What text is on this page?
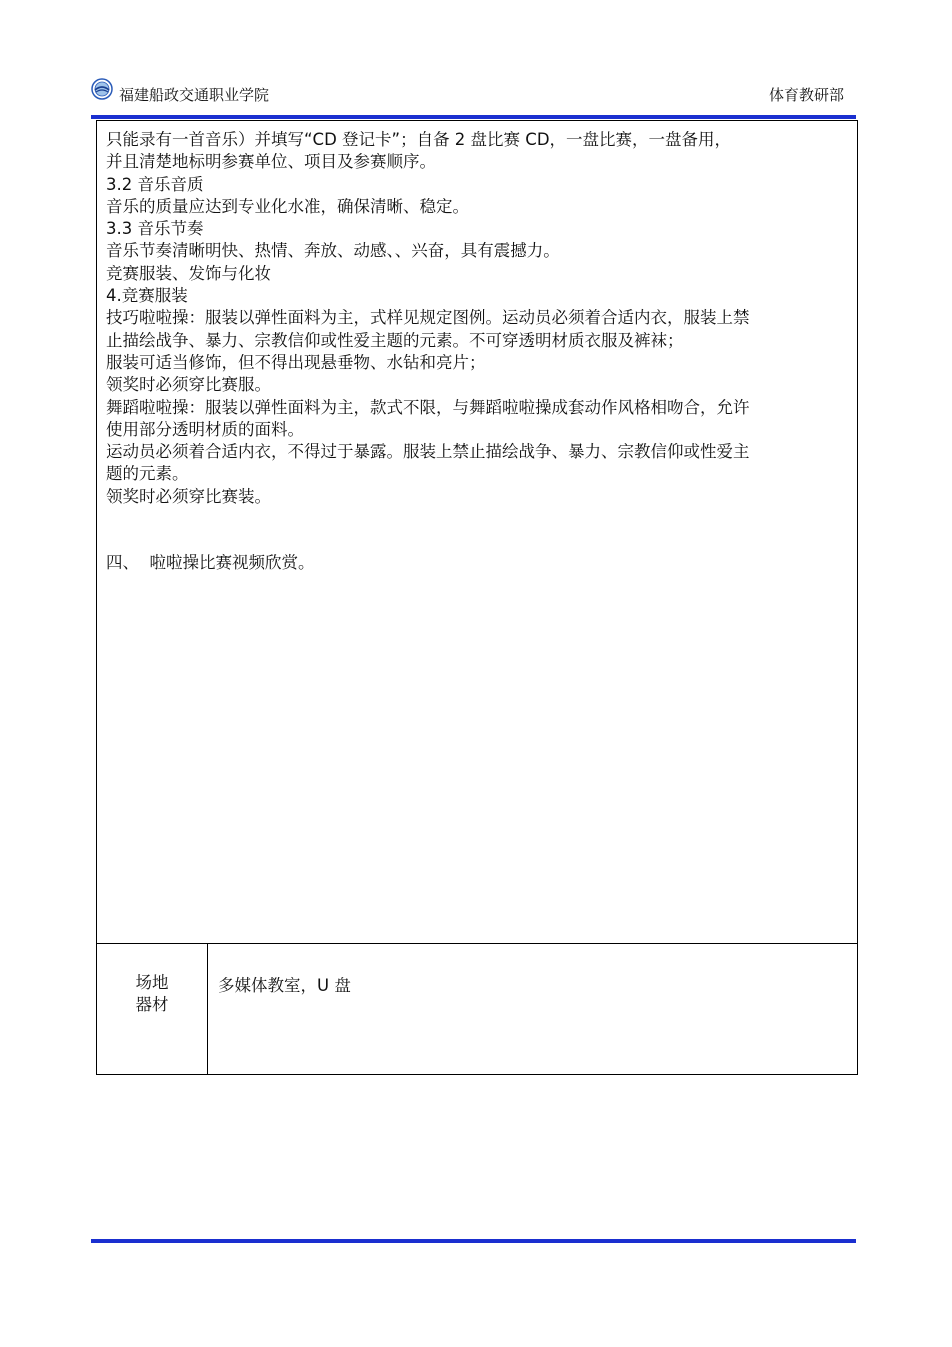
福建船政交通职业学院	体育教研部

只能录有一首音乐）并填写“CD 登记卡”；自备 2 盘比赛 CD，一盘比赛，一盘备用，

并且清楚地标明参赛单位、项目及参赛顺序。

3.2 音乐音质

音乐的质量应达到专业化水准，确保清晰、稳定。

3.3 音乐节奏

音乐节奏清晰明快、热情、奔放、动感、、兴奋，具有震撼力。

竞赛服装、发饰与化妆

4.竞赛服装

技巧啦啦操：服装以弹性面料为主，式样见规定图例。运动员必须着合适内衣，服装上禁

止描绘战争、暴力、宗教信仰或性爱主题的元素。不可穿透明材质衣服及裤袜；

服装可适当修饰，但不得出现悬垂物、水钻和亮片；

领奖时必须穿比赛服。

舞蹈啦啦操：服装以弹性面料为主，款式不限，与舞蹈啦啦操成套动作风格相吻合，允许

使用部分透明材质的面料。

运动员必须着合适内衣，不得过于暴露。服装上禁止描绘战争、暴力、宗教信仰或性爱主

题的元素。

领奖时必须穿比赛装。

四、  啦啦操比赛视频欣赏。

场地
器材
	多媒体教室，U 盘
